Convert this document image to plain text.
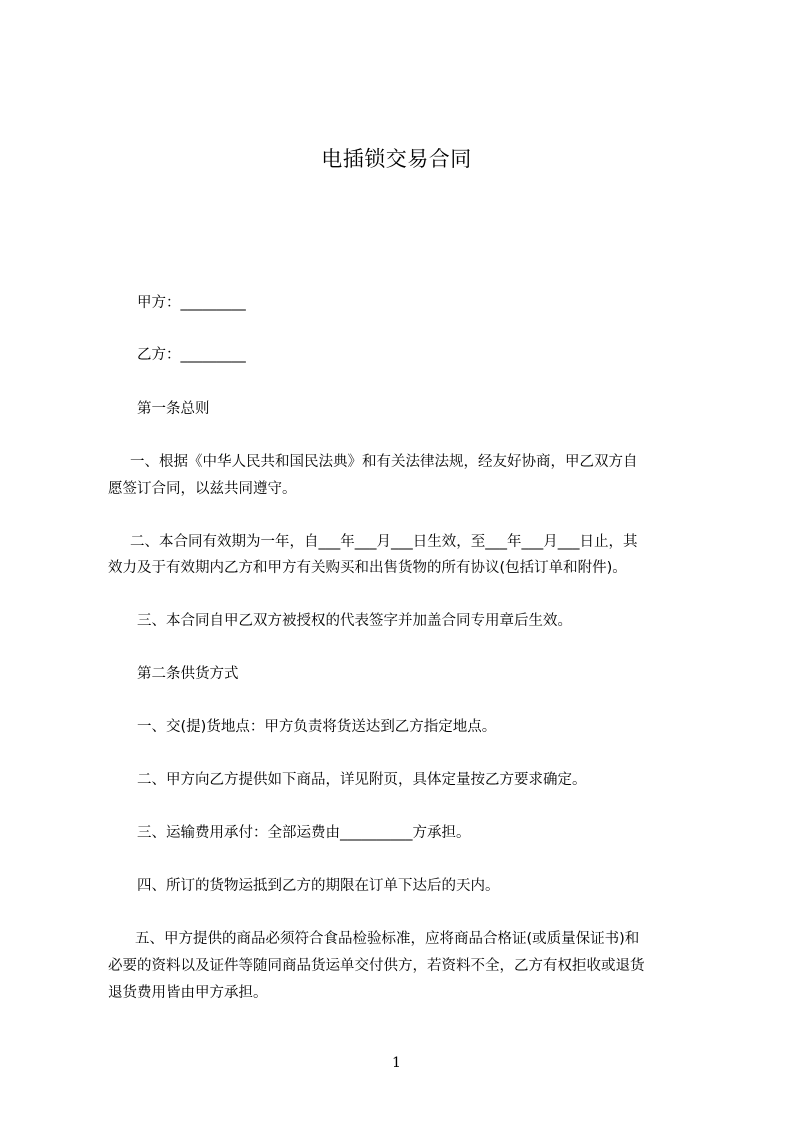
电插锁交易合同
甲方：_________
乙方：_________
第一条总则
一、根据《中华人民共和国民法典》和有关法律法规，经友好协商，甲乙双方自
愿签订合同，以兹共同遵守。
二、本合同有效期为一年，自___年___月___日生效，至___年___月___日止，其
效力及于有效期内乙方和甲方有关购买和出售货物的所有协议(包括订单和附件)。
三、本合同自甲乙双方被授权的代表签字并加盖合同专用章后生效。
第二条供货方式
一、交(提)货地点：甲方负责将货送达到乙方指定地点。
二、甲方向乙方提供如下商品，详见附页，具体定量按乙方要求确定。
三、运输费用承付：全部运费由__________方承担。
四、所订的货物运抵到乙方的期限在订单下达后的天内。
五、甲方提供的商品必须符合食品检验标准，应将商品合格证(或质量保证书)和
必要的资料以及证件等随同商品货运单交付供方，若资料不全，乙方有权拒收或退货
退货费用皆由甲方承担。
1
